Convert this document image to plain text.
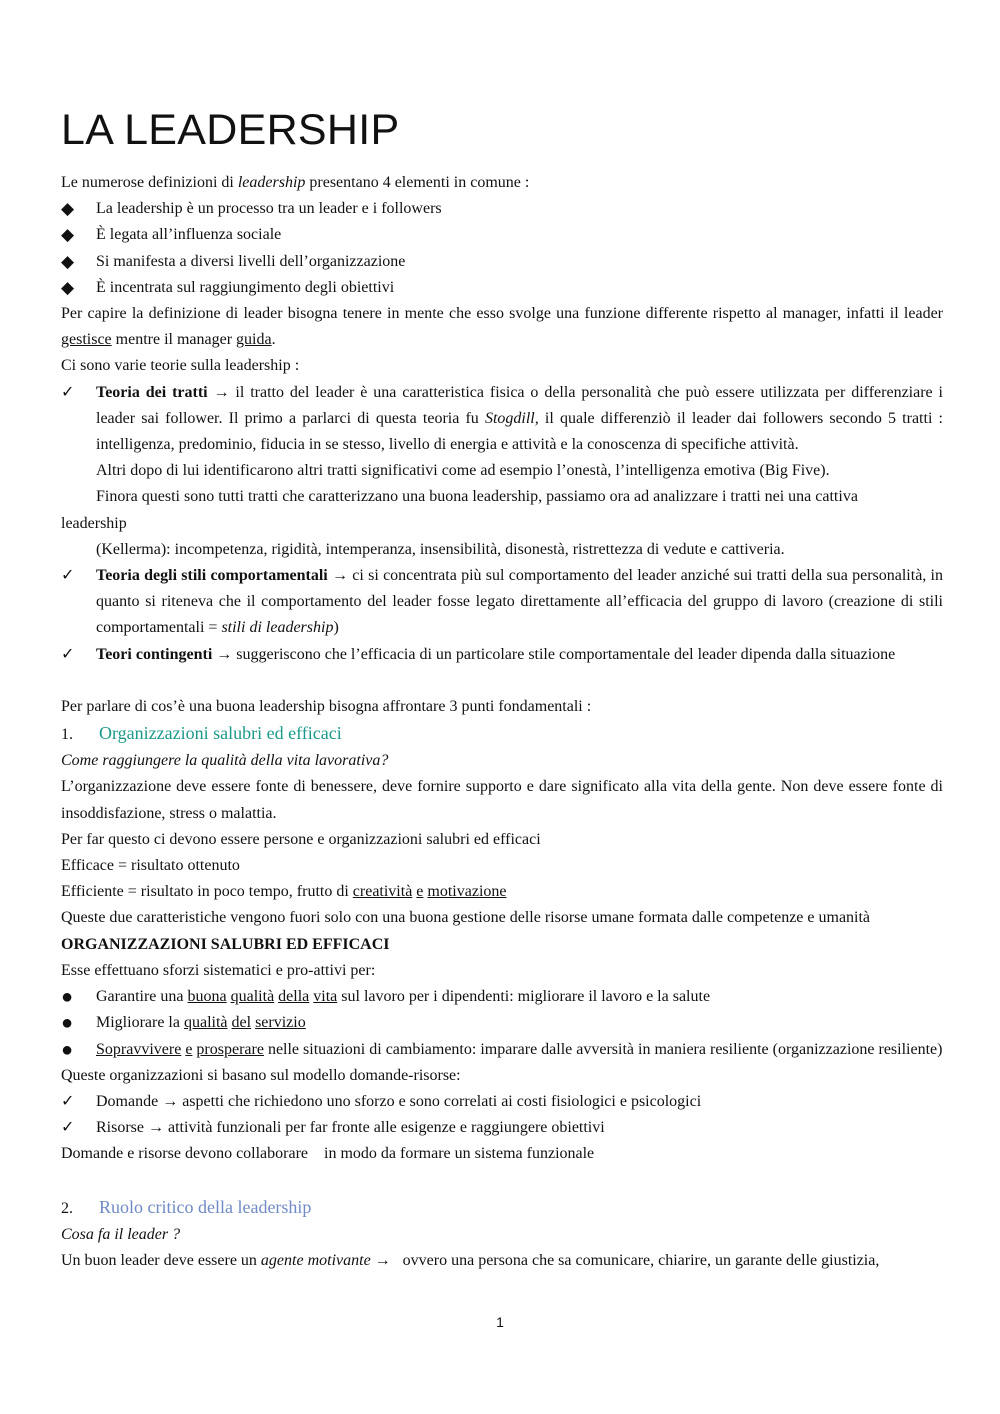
LA LEADERSHIP

Le numerose definizioni di leadership presentano 4 elementi in comune :

◆	La leadership è un processo tra un leader e i followers
◆	È legata all’influenza sociale
◆	Si manifesta a diversi livelli dell’organizzazione
◆	È incentrata sul raggiungimento degli obiettivi

Per capire la definizione di leader bisogna tenere in mente che esso svolge una funzione differente rispetto al manager, infatti il leader gestisce mentre il manager guida.

Ci sono varie teorie sulla leadership :

✓	Teoria dei tratti → il tratto del leader è una caratteristica fisica o della personalità che può essere utilizzata per differenziare i leader sai follower. Il primo a parlarci di questa teoria fu Stogdill, il quale differenziò il leader dai followers secondo 5 tratti : intelligenza, predominio, fiducia in se stesso, livello di energia e attività e la conoscenza di specifiche attività.

Altri dopo di lui identificarono altri tratti significativi come ad esempio l’onestà, l’intelligenza emotiva (Big Five).

Finora questi sono tutti tratti che caratterizzano una buona leadership, passiamo ora ad analizzare i tratti nei una cattiva
leadership

(Kellerma): incompetenza, rigidità, intemperanza, insensibilità, disonestà, ristrettezza di vedute e cattiveria.

✓	Teoria degli stili comportamentali → ci si concentrata più sul comportamento del leader anziché sui tratti della sua personalità, in quanto si riteneva che il comportamento del leader fosse legato direttamente all’efficacia del gruppo di lavoro (creazione di stili comportamentali = stili di leadership)
✓	Teori contingenti → suggeriscono che l’efficacia di un particolare stile comportamentale del leader dipenda dalla situazione

Per parlare di cos’è una buona leadership bisogna affrontare 3 punti fondamentali :

1. Organizzazioni salubri ed efficaci

Come raggiungere la qualità della vita lavorativa?

L’organizzazione deve essere fonte di benessere, deve fornire supporto e dare significato alla vita della gente. Non deve essere fonte di insoddisfazione, stress o malattia.

Per far questo ci devono essere persone e organizzazioni salubri ed efficaci

Efficace = risultato ottenuto

Efficiente = risultato in poco tempo, frutto di creatività e motivazione

Queste due caratteristiche vengono fuori solo con una buona gestione delle risorse umane formata dalle competenze e umanità

ORGANIZZAZIONI SALUBRI ED EFFICACI

Esse effettuano sforzi sistematici e pro-attivi per:

●	Garantire una buona qualità della vita sul lavoro per i dipendenti: migliorare il lavoro e la salute
●	Migliorare la qualità del servizio
●	Sopravvivere e prosperare nelle situazioni di cambiamento: imparare dalle avversità in maniera resiliente (organizzazione resiliente)

Queste organizzazioni si basano sul modello domande-risorse:

✓	Domande → aspetti che richiedono uno sforzo e sono correlati ai costi fisiologici e psicologici
✓	Risorse → attività funzionali per far fronte alle esigenze e raggiungere obiettivi

Domande e risorse devono collaborare    in modo da formare un sistema funzionale

2. Ruolo critico della leadership

Cosa fa il leader ?

Un buon leader deve essere un agente motivante →   ovvero una persona che sa comunicare, chiarire, un garante delle giustizia,

1
